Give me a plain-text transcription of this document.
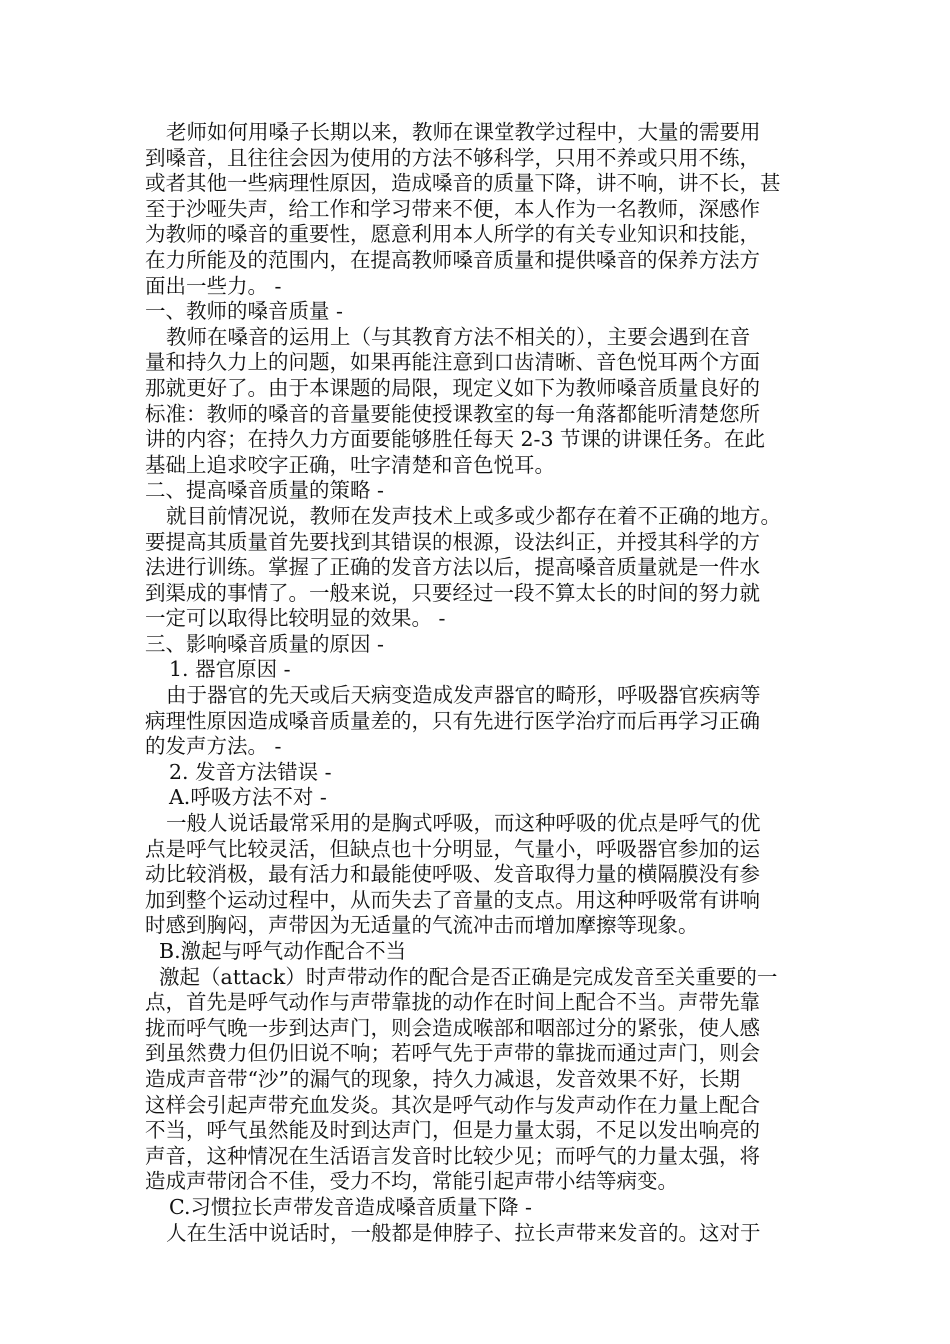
老师如何用嗓子长期以来，教师在课堂教学过程中，大量的需要用
到嗓音，且往往会因为使用的方法不够科学，只用不养或只用不练，
或者其他一些病理性原因，造成嗓音的质量下降，讲不响，讲不长，甚
至于沙哑失声，给工作和学习带来不便，本人作为一名教师，深感作
为教师的嗓音的重要性，愿意利用本人所学的有关专业知识和技能，
在力所能及的范围内，在提高教师嗓音质量和提供嗓音的保养方法方
面出一些力。 -
一、教师的嗓音质量 -
教师在嗓音的运用上（与其教育方法不相关的），主要会遇到在音
量和持久力上的问题，如果再能注意到口齿清晰、音色悦耳两个方面
那就更好了。由于本课题的局限，现定义如下为教师嗓音质量良好的
标准：教师的嗓音的音量要能使授课教室的每一角落都能听清楚您所
讲的内容；在持久力方面要能够胜任每天 2-3 节课的讲课任务。在此
基础上追求咬字正确，吐字清楚和音色悦耳。
二、提高嗓音质量的策略 -
就目前情况说，教师在发声技术上或多或少都存在着不正确的地方。
要提高其质量首先要找到其错误的根源，设法纠正，并授其科学的方
法进行训练。掌握了正确的发音方法以后，提高嗓音质量就是一件水
到渠成的事情了。一般来说，只要经过一段不算太长的时间的努力就
一定可以取得比较明显的效果。 -
三、影响嗓音质量的原因 -
1. 器官原因 -
由于器官的先天或后天病变造成发声器官的畸形，呼吸器官疾病等
病理性原因造成嗓音质量差的，只有先进行医学治疗而后再学习正确
的发声方法。 -
2. 发音方法错误 -
A.呼吸方法不对 -
一般人说话最常采用的是胸式呼吸，而这种呼吸的优点是呼气的优
点是呼气比较灵活，但缺点也十分明显，气量小，呼吸器官参加的运
动比较消极，最有活力和最能使呼吸、发音取得力量的横隔膜没有参
加到整个运动过程中，从而失去了音量的支点。用这种呼吸常有讲响
时感到胸闷，声带因为无适量的气流冲击而增加摩擦等现象。
B.激起与呼气动作配合不当
激起（attack）时声带动作的配合是否正确是完成发音至关重要的一
点，首先是呼气动作与声带靠拢的动作在时间上配合不当。声带先靠
拢而呼气晚一步到达声门，则会造成喉部和咽部过分的紧张，使人感
到虽然费力但仍旧说不响；若呼气先于声带的靠拢而通过声门，则会
造成声音带“沙”的漏气的现象，持久力减退，发音效果不好，长期
这样会引起声带充血发炎。其次是呼气动作与发声动作在力量上配合
不当，呼气虽然能及时到达声门，但是力量太弱，不足以发出响亮的
声音，这种情况在生活语言发音时比较少见；而呼气的力量太强，将
造成声带闭合不佳，受力不均，常能引起声带小结等病变。
C.习惯拉长声带发音造成嗓音质量下降 -
人在生活中说话时，一般都是伸脖子、拉长声带来发音的。这对于
